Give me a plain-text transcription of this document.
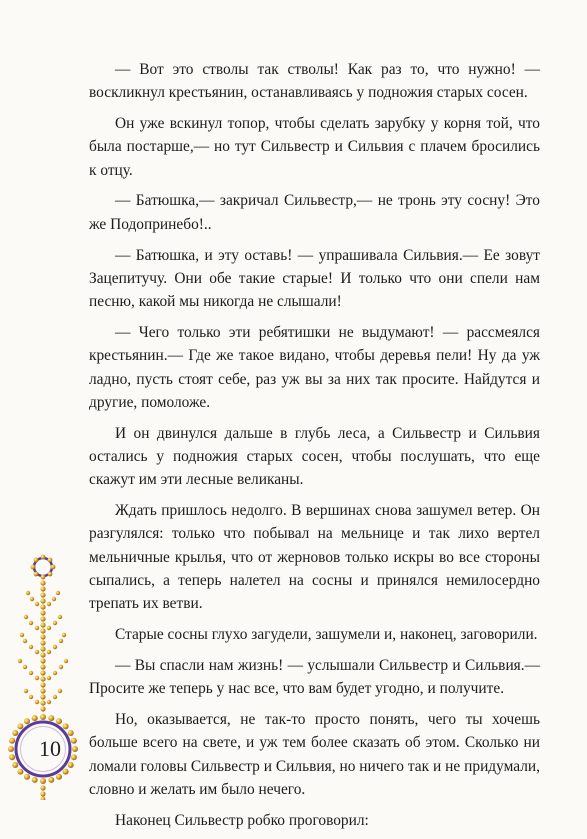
— Вот это стволы так стволы! Как раз то, что нужно! — воскликнул крестьянин, останавливаясь у подножия старых сосен.

Он уже вскинул топор, чтобы сделать зарубку у корня той, что была постарше,— но тут Сильвестр и Сильвия с плачем бросились к отцу.

— Батюшка,— закричал Сильвестр,— не тронь эту сосну! Это же Подопринебо!..

— Батюшка, и эту оставь! — упрашивала Сильвия.— Ее зовут Зацепитучу. Они обе такие старые! И только что они спели нам песню, какой мы никогда не слышали!

— Чего только эти ребятишки не выдумают! — рассмеялся крестьянин.— Где же такое видано, чтобы деревья пели! Ну да уж ладно, пусть стоят себе, раз уж вы за них так просите. Найдутся и другие, помоложе.

И он двинулся дальше в глубь леса, а Сильвестр и Сильвия остались у подножия старых сосен, чтобы послушать, что еще скажут им эти лесные великаны.

Ждать пришлось недолго. В вершинах снова зашумел ветер. Он разгулялся: только что побывал на мельнице и так лихо вертел мельничные крылья, что от жерновов только искры во все стороны сыпались, а теперь налетел на сосны и принялся немилосердно трепать их ветви.

Старые сосны глухо загудели, зашумели и, наконец, заговорили.

— Вы спасли нам жизнь! — услышали Сильвестр и Сильвия.— Просите же теперь у нас все, что вам будет угодно, и получите.

Но, оказывается, не так-то просто понять, чего ты хочешь больше всего на свете, и уж тем более сказать об этом. Сколько ни ломали головы Сильвестр и Сильвия, но ничего так и не придумали, словно и желать им было нечего.

Наконец Сильвестр робко проговорил:

10
